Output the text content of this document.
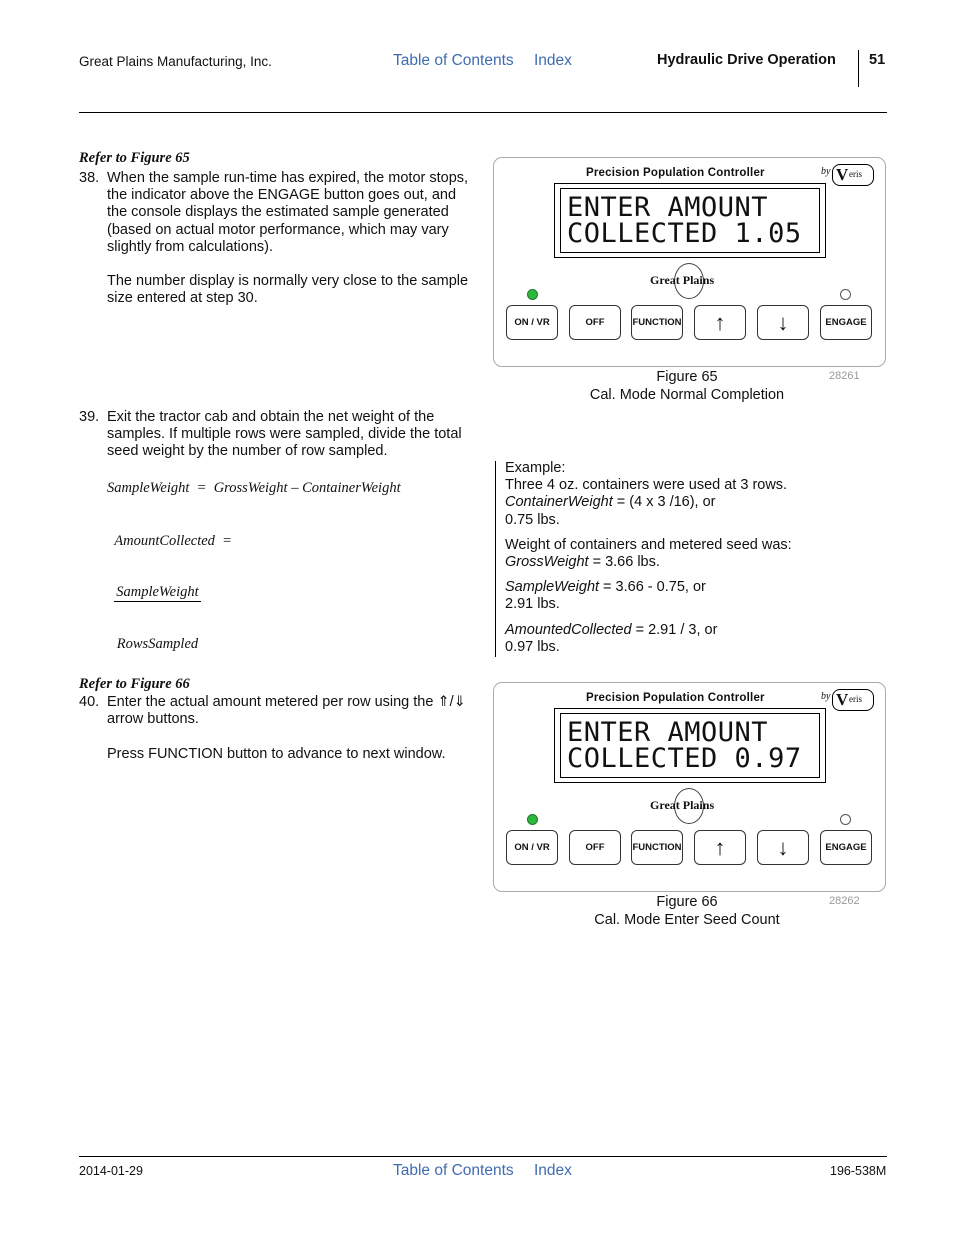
Great Plains Manufacturing, Inc.	Table of Contents Index	Hydraulic Drive Operation 51
Refer to Figure 65
38. When the sample run-time has expired, the motor stops, the indicator above the ENGAGE button goes out, and the console displays the estimated sample generated (based on actual motor performance, which may vary slightly from calculations).
The number display is normally very close to the sample size entered at step 30.
39. Exit the tractor cab and obtain the net weight of the samples. If multiple rows were sampled, divide the total seed weight by the number of row sampled.
SampleWeight  =  GrossWeight – ContainerWeight

AmountCollected  =

$\frac{\text{SampleWeight}}{\text{RowsSampled}}$

Refer to Figure 66
40. Enter the actual amount metered per row using the ⇑/⇓ arrow buttons.
Press FUNCTION button to advance to next window.
Example:
Three 4 oz. containers were used at 3 rows.
ContainerWeight = (4 x 3 /16), or
0.75 lbs.
Weight of containers and metered seed was:
GrossWeight = 3.66 lbs.
SampleWeight = 3.66 - 0.75, or
2.91 lbs.
AmountedCollected = 2.91 / 3, or
0.97 lbs.
Precision Population Controller	by V eris
ENTER AMOUNT
COLLECTED 1.05
Great Plains
ON / VR	OFF	FUNCTION	↑	↓	ENGAGE
28261
Figure 65
Cal. Mode Normal Completion
Precision Population Controller	by V eris
ENTER AMOUNT
COLLECTED 0.97
Great Plains
ON / VR	OFF	FUNCTION	↑	↓	ENGAGE
28262
Figure 66
Cal. Mode Enter Seed Count
2014-01-29	Table of Contents Index	196-538M
